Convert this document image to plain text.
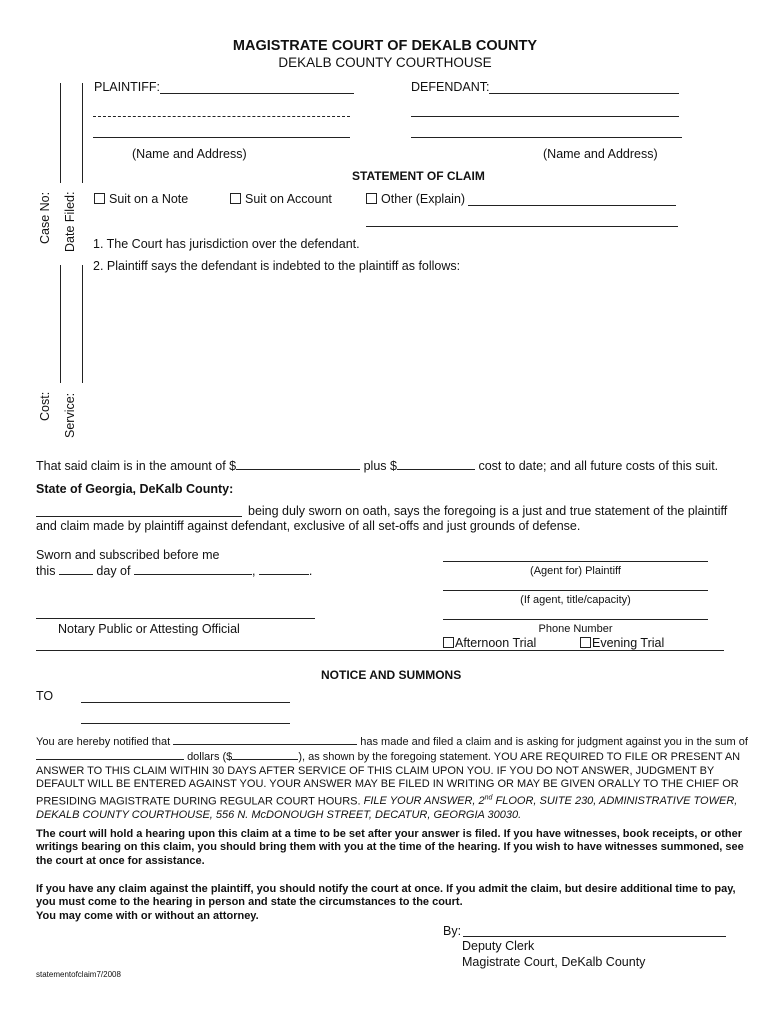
MAGISTRATE COURT OF DEKALB COUNTY
DEKALB COUNTY COURTHOUSE
Case No: Date Filed:
Cost: Service:
PLAINTIFF:	DEFENDANT:
(Name and Address)	(Name and Address)
STATEMENT OF CLAIM
Suit on a Note	Suit on Account	Other (Explain)
1. The Court has jurisdiction over the defendant.
2. Plaintiff says the defendant is indebted to the plaintiff as follows:
That said claim is in the amount of $	plus $	cost to date; and all future costs of this suit.
State of Georgia, DeKalb County:
being duly sworn on oath, says the foregoing is a just and true statement of the plaintiff
and claim made by plaintiff against defendant, exclusive of all set-offs and just grounds of defense.
Sworn and subscribed before me
this	day of	,	.	(Agent for) Plaintiff
(If agent, title/capacity)
Phone Number
Notary Public or Attesting Official
Afternoon Trial	Evening Trial
NOTICE AND SUMMONS
TO
You are hereby notified that	has made and filed a claim and is asking for judgment against you in the sum of
dollars ($	), as shown by the foregoing statement. YOU ARE REQUIRED TO FILE OR PRESENT AN
ANSWER TO THIS CLAIM WITHIN 30 DAYS AFTER SERVICE OF THIS CLAIM UPON YOU. IF YOU DO NOT ANSWER, JUDGMENT BY
DEFAULT WILL BE ENTERED AGAINST YOU. YOUR ANSWER MAY BE FILED IN WRITING OR MAY BE GIVEN ORALLY TO THE CHIEF OR
PRESIDING MAGISTRATE DURING REGULAR COURT HOURS. FILE YOUR ANSWER, 2nd FLOOR, SUITE 230, ADMINISTRATIVE TOWER,
DEKALB COUNTY COURTHOUSE, 556 N. McDONOUGH STREET, DECATUR, GEORGIA 30030.
The court will hold a hearing upon this claim at a time to be set after your answer is filed. If you have witnesses, book receipts, or other
writings bearing on this claim, you should bring them with you at the time of the hearing. If you wish to have witnesses summoned, see
the court at once for assistance.
If you have any claim against the plaintiff, you should notify the court at once. If you admit the claim, but desire additional time to pay,
you must come to the hearing in person and state the circumstances to the court.
You may come with or without an attorney.
By:
Deputy Clerk
Magistrate Court, DeKalb County
statementofclaim7/2008
